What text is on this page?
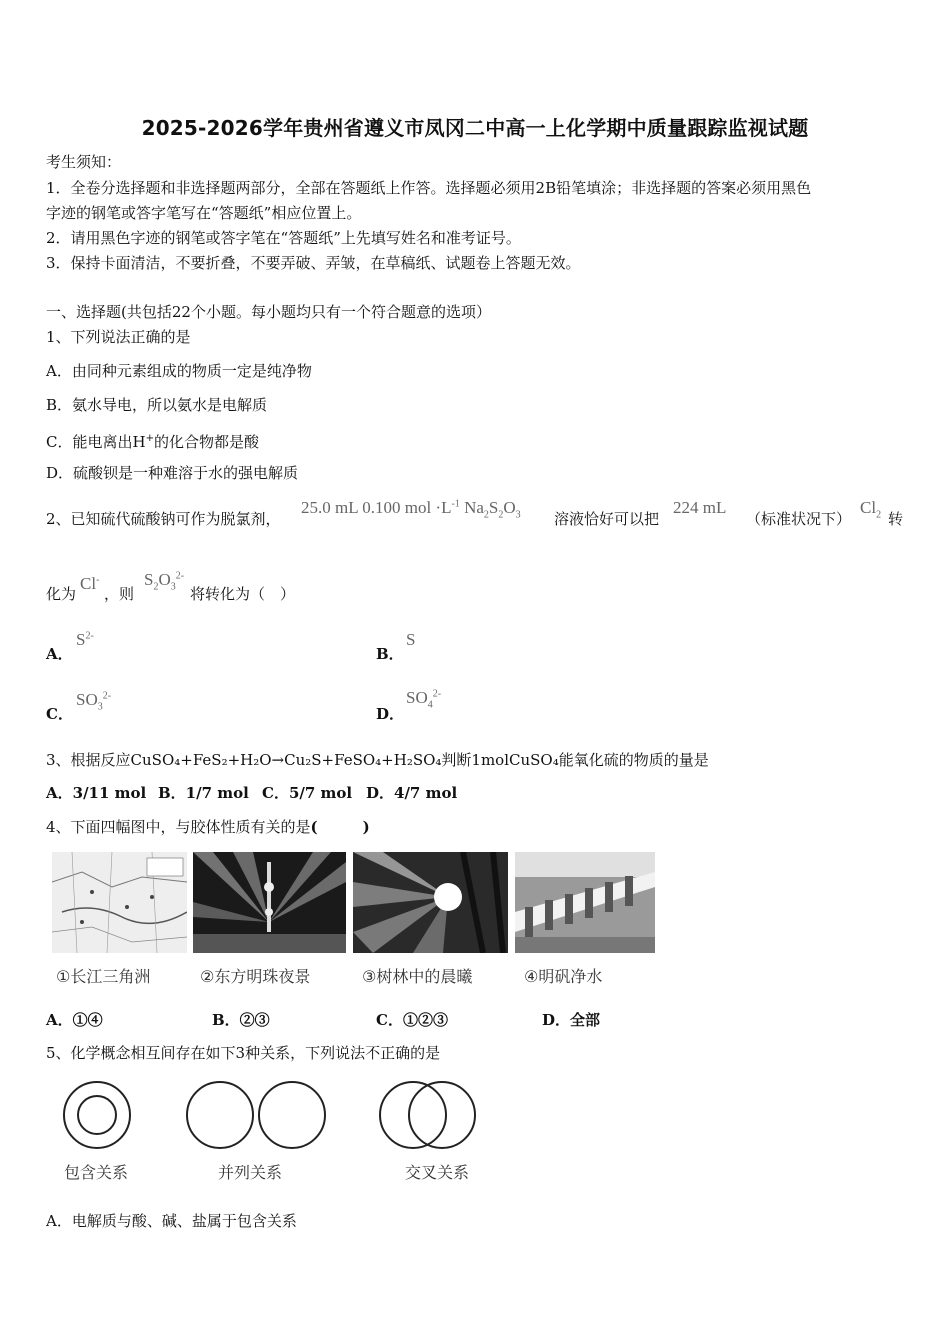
2025-2026学年贵州省遵义市凤冈二中高一上化学期中质量跟踪监视试题
考生须知：
1．全卷分选择题和非选择题两部分，全部在答题纸上作答。选择题必须用2B铅笔填涂；非选择题的答案必须用黑色
字迹的钢笔或答字笔写在“答题纸”相应位置上。
2．请用黑色字迹的钢笔或答字笔在“答题纸”上先填写姓名和准考证号。
3．保持卡面清洁，不要折叠，不要弄破、弄皱，在草稿纸、试题卷上答题无效。
一、选择题(共包括22个小题。每小题均只有一个符合题意的选项）
1、下列说法正确的是
A．由同种元素组成的物质一定是纯净物
B．氨水导电，所以氨水是电解质
C．能电离出H+的化合物都是酸
D．硫酸钡是一种难溶于水的强电解质
2、已知硫代硫酸钠可作为脱氯剂，
25.0 mL 0.100 mol $\cdot L^{-1}$ $Na_2S_2O_3$ 溶液恰好可以把
224 mL
（标准状况下）
$Cl_2$ 转
化为
Cl-
，则
$S_2O_3^{2-}$
将转化为（　）
A．
$S^{2-}$
B．
S
C．
$SO_3^{2-}$
D．
$SO_4^{2-}$
3、根据反应CuSO₄+FeS₂+H₂O→Cu₂S+FeSO₄+H₂SO₄判断1molCuSO₄能氧化硫的物质的量是
A．3/11 mol B．1/7 mol C．5/7 mol D．4/7 mol
4、下面四幅图中，与胶体性质有关的是(　　　)
①长江三角洲	②东方明珠夜景	③树林中的晨曦	④明矾净水
A．①④	B．②③	C．①②③	D．全部
5、化学概念相互间存在如下3种关系，下列说法不正确的是
包含关系	并列关系	交叉关系
A．电解质与酸、碱、盐属于包含关系
